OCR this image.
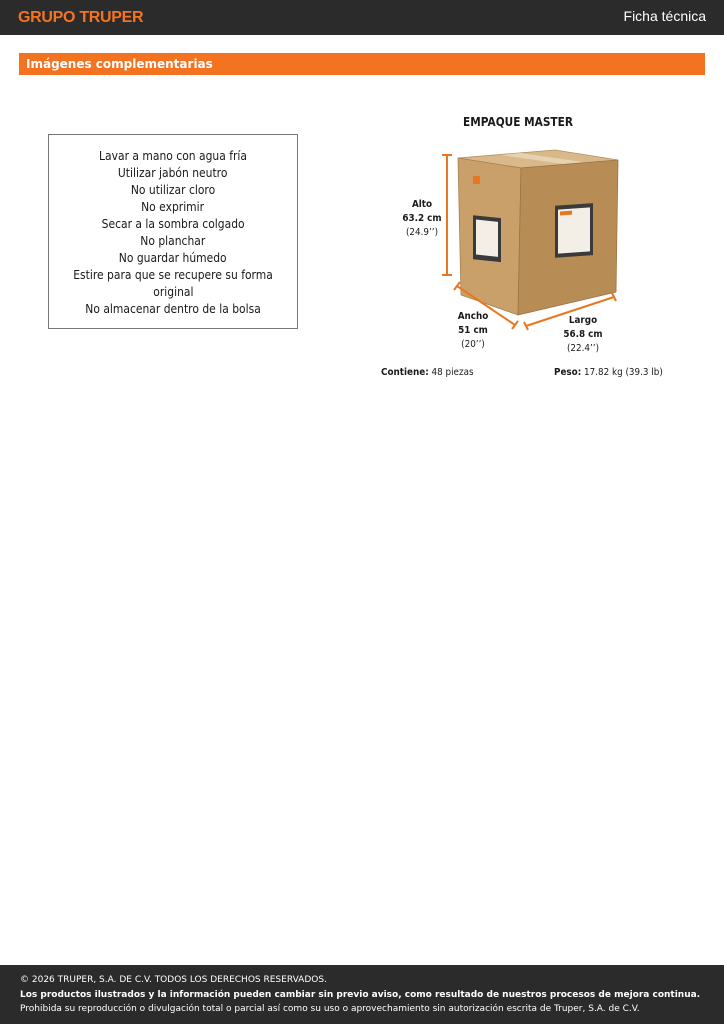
GRUPO TRUPER	Ficha técnica
Imágenes complementarias
Lavar a mano con agua fría
Utilizar jabón neutro
No utilizar cloro
No exprimir
Secar a la sombra colgado
No planchar
No guardar húmedo
Estire para que se recupere su forma
original
No almacenar dentro de la bolsa
EMPAQUE MASTER
Alto
63.2 cm
(24.9’’)
Ancho
51 cm
(20’’)
Largo
56.8 cm
(22.4’’)
Contiene: 48 piezas	Peso: 17.82 kg (39.3 lb)
© 2026 TRUPER, S.A. DE C.V. TODOS LOS DERECHOS RESERVADOS.
Los productos ilustrados y la información pueden cambiar sin previo aviso, como resultado de nuestros procesos de mejora continua.
Prohibida su reproducción o divulgación total o parcial así como su uso o aprovechamiento sin autorización escrita de Truper, S.A. de C.V.
